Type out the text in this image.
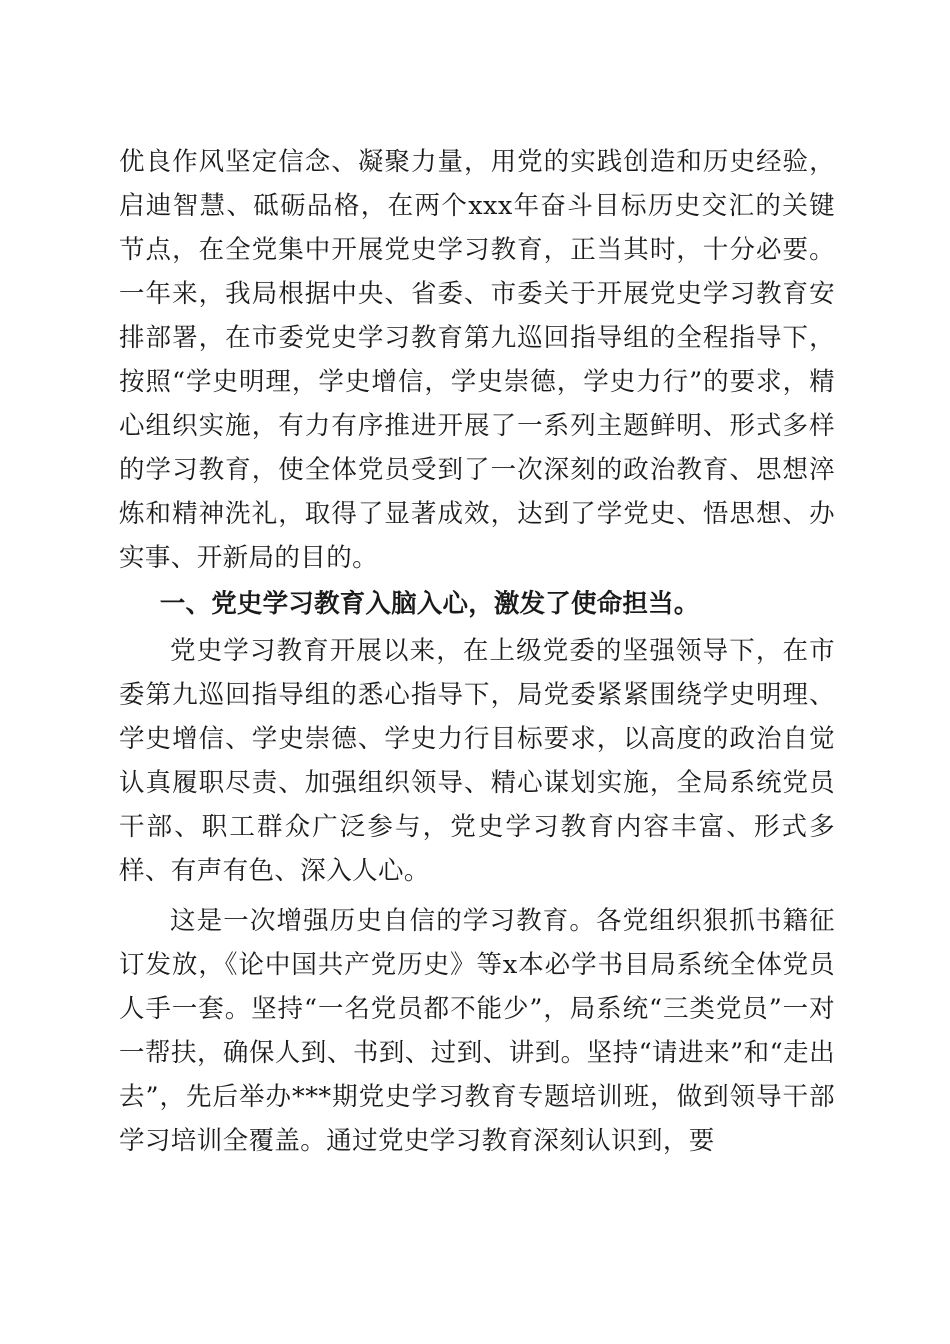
优良作风坚定信念、凝聚力量，用党的实践创造和历史经验，启迪智慧、砥砺品格，在两个xxx年奋斗目标历史交汇的关键节点，在全党集中开展党史学习教育，正当其时，十分必要。一年来，我局根据中央、省委、市委关于开展党史学习教育安排部署，在市委党史学习教育第九巡回指导组的全程指导下，按照“学史明理，学史增信，学史崇德，学史力行”的要求，精心组织实施，有力有序推进开展了一系列主题鲜明、形式多样的学习教育，使全体党员受到了一次深刻的政治教育、思想淬炼和精神洗礼，取得了显著成效，达到了学党史、悟思想、办实事、开新局的目的。

一、党史学习教育入脑入心，激发了使命担当。

党史学习教育开展以来，在上级党委的坚强领导下，在市委第九巡回指导组的悉心指导下，局党委紧紧围绕学史明理、学史增信、学史崇德、学史力行目标要求，以高度的政治自觉认真履职尽责、加强组织领导、精心谋划实施，全局系统党员干部、职工群众广泛参与，党史学习教育内容丰富、形式多样、有声有色、深入人心。

这是一次增强历史自信的学习教育。各党组织狠抓书籍征订发放，《论中国共产党历史》等x本必学书目局系统全体党员人手一套。坚持“一名党员都不能少”，局系统“三类党员”一对一帮扶，确保人到、书到、过到、讲到。坚持“请进来”和“走出去”，先后举办***期党史学习教育专题培训班，做到领导干部学习培训全覆盖。通过党史学习教育深刻认识到，要
